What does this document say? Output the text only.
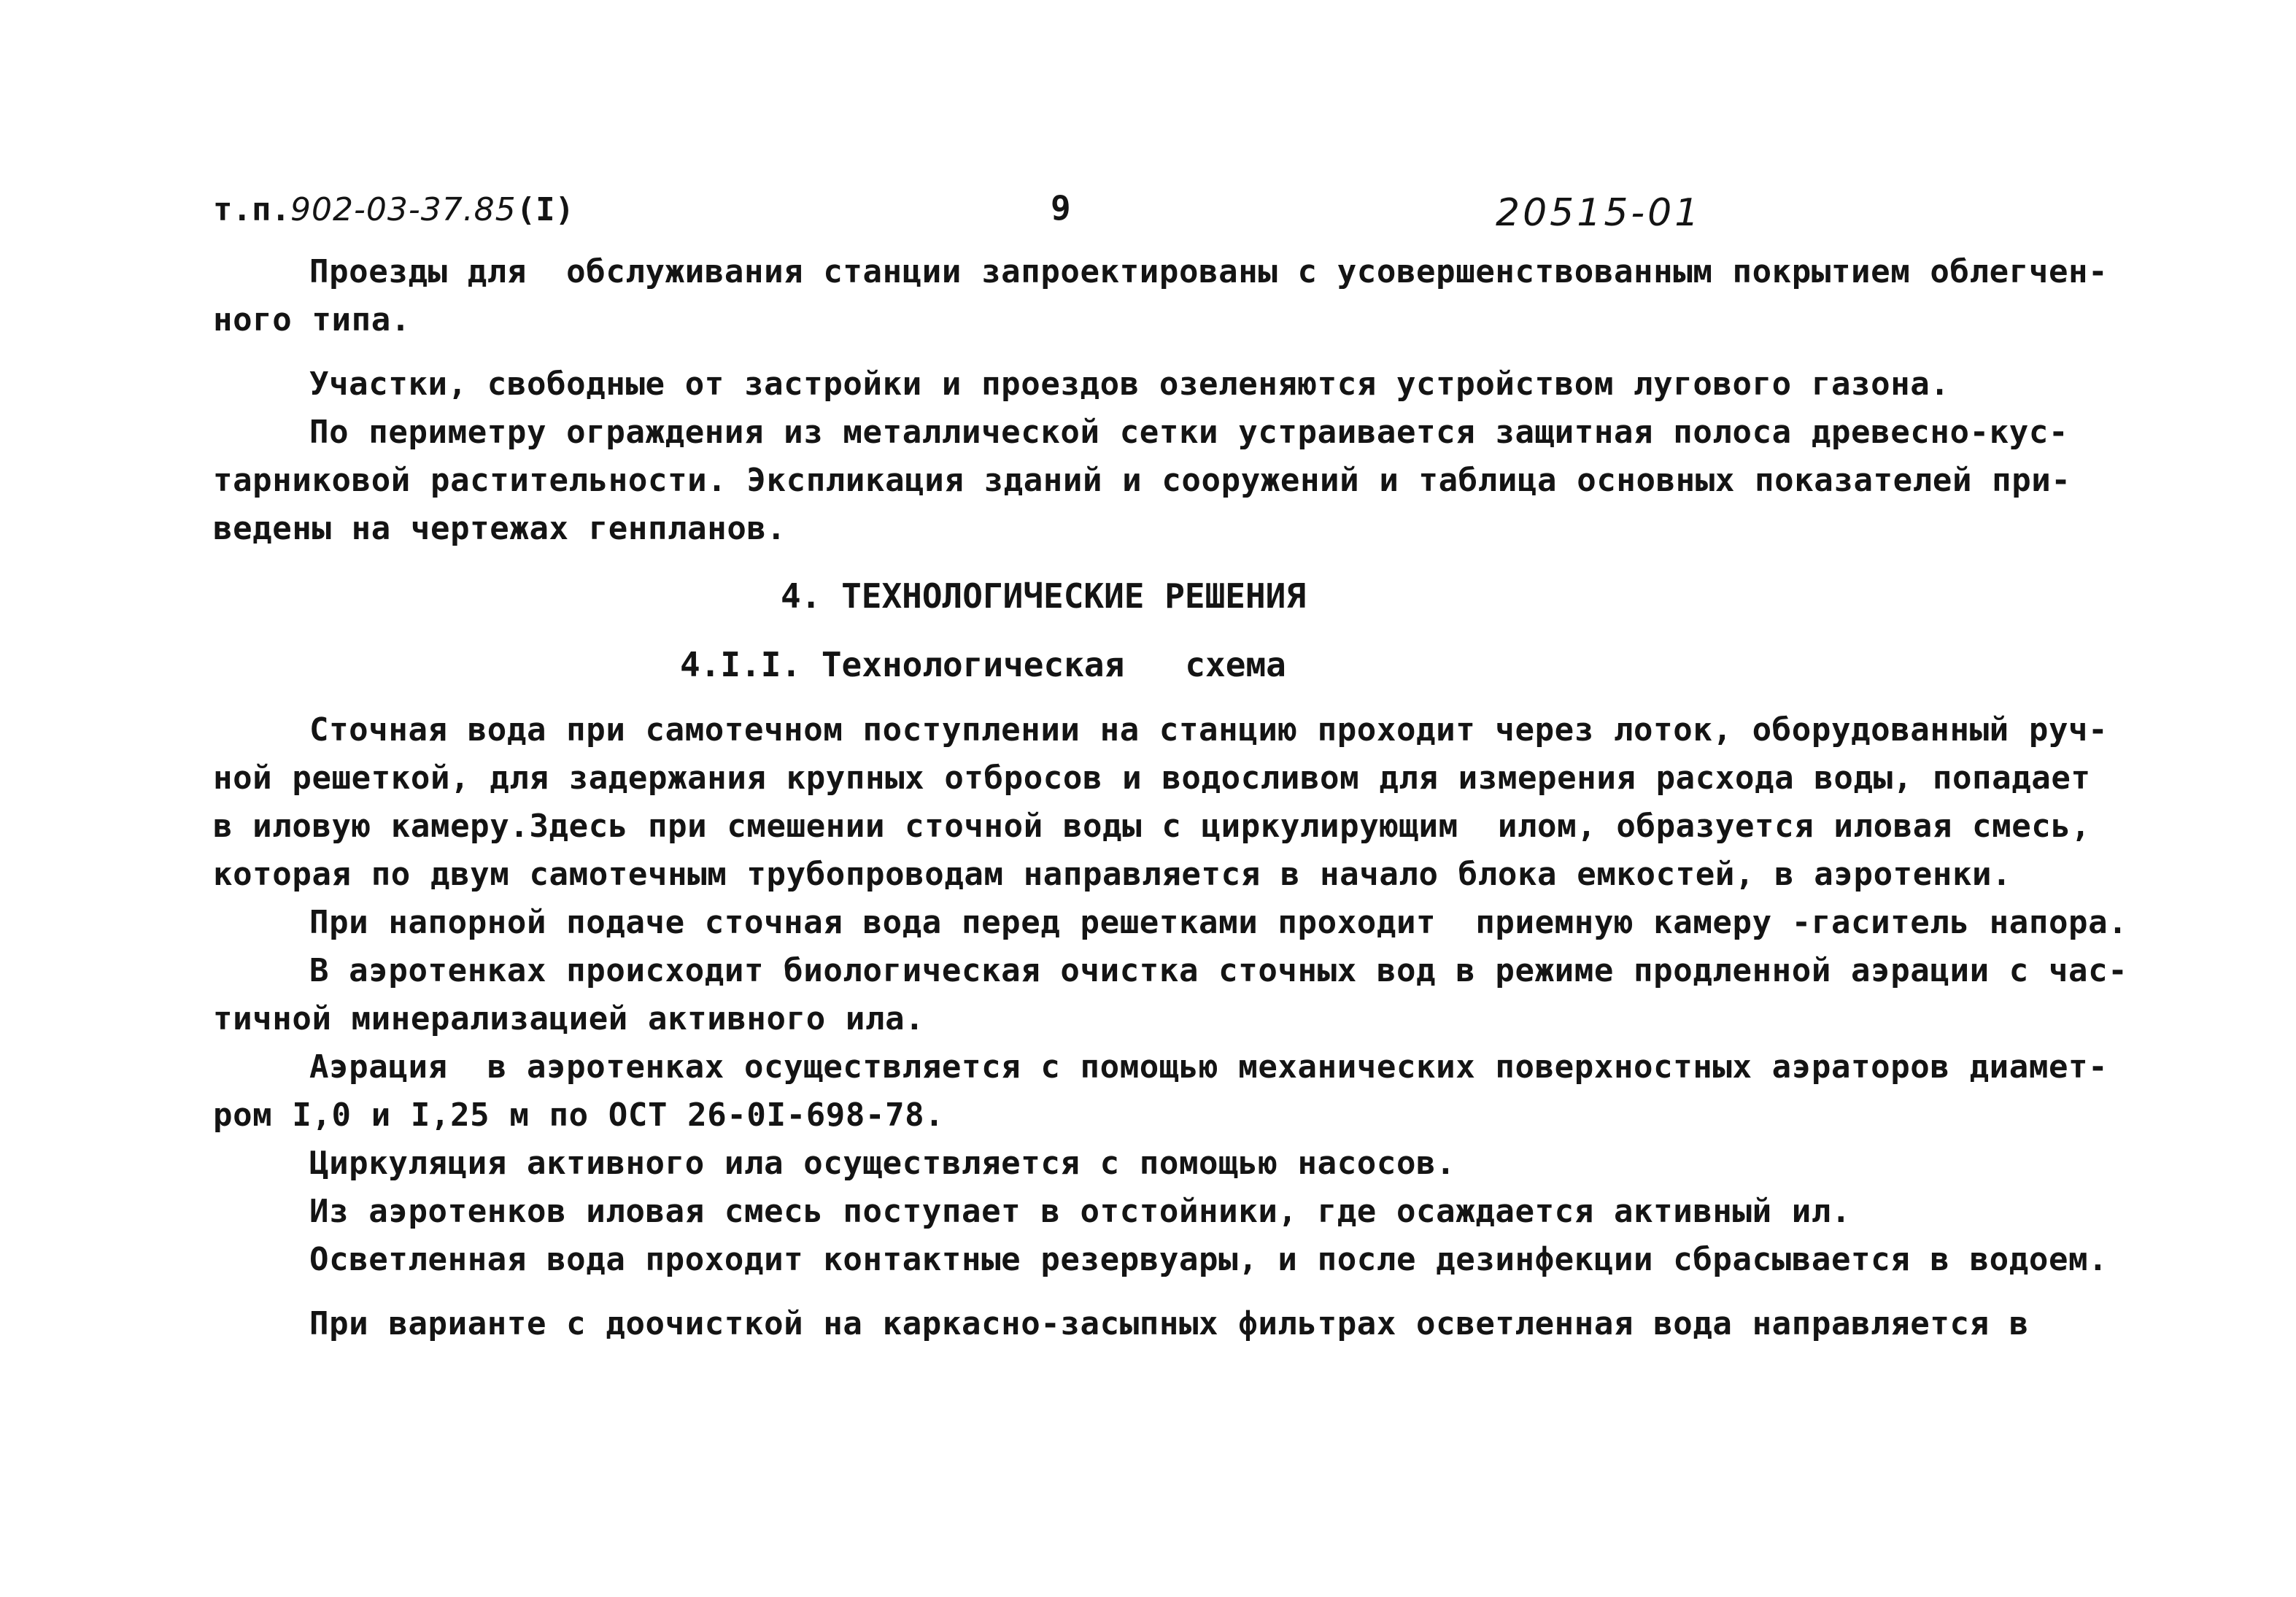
т.п.902-03-37.85(I)	9	20515-01
Проезды для  обслуживания станции запроектированы с усовершенствованным покрытием облегчен-
ного типа.
Участки, свободные от застройки и проездов озеленяются устройством лугового газона.
По периметру ограждения из металлической сетки устраивается защитная полоса древесно-кус-
тарниковой растительности. Экспликация зданий и сооружений и таблица основных показателей при-
ведены на чертежах генпланов.
4. ТЕХНОЛОГИЧЕСКИЕ РЕШЕНИЯ
4.I.I. Технологическая   схема
Сточная вода при самотечном поступлении на станцию проходит через лоток, оборудованный руч-
ной решеткой, для задержания крупных отбросов и водосливом для измерения расхода воды, попадает
в иловую камеру.Здесь при смешении сточной воды с циркулирующим  илом, образуется иловая смесь,
которая по двум самотечным трубопроводам направляется в начало блока емкостей, в аэротенки.
При напорной подаче сточная вода перед решетками проходит  приемную камеру -гаситель напора.
В аэротенках происходит биологическая очистка сточных вод в режиме продленной аэрации с час-
тичной минерализацией активного ила.
Аэрация  в аэротенках осуществляется с помощью механических поверхностных аэраторов диамет-
ром I,0 и I,25 м по ОСТ 26-0I-698-78.
Циркуляция активного ила осуществляется с помощью насосов.
Из аэротенков иловая смесь поступает в отстойники, где осаждается активный ил.
Осветленная вода проходит контактные резервуары, и после дезинфекции сбрасывается в водоем.
При варианте с доочисткой на каркасно-засыпных фильтрах осветленная вода направляется в
